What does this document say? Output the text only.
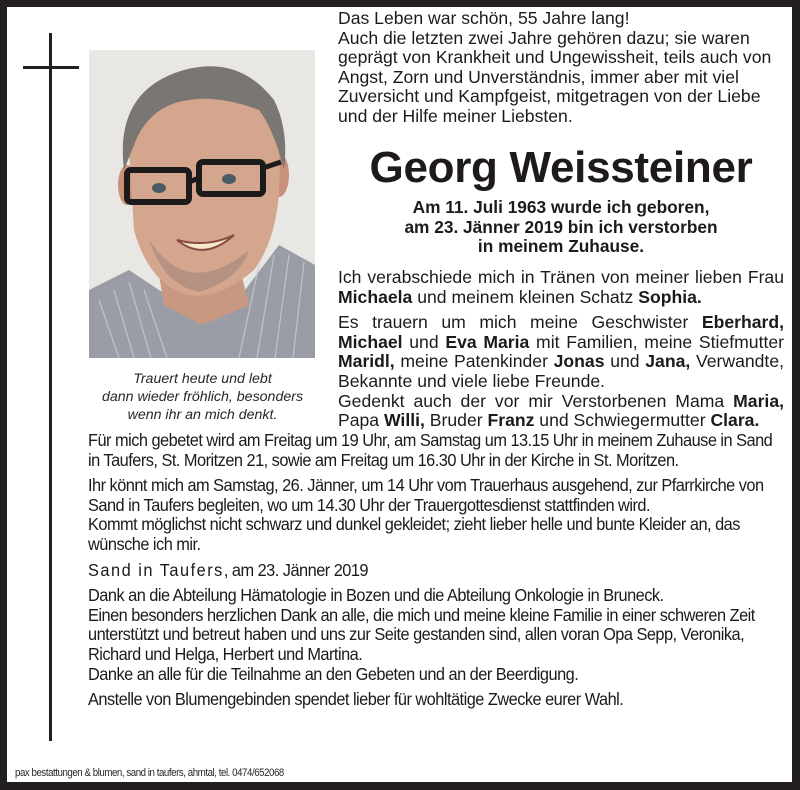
Trauert heute und lebt
dann wieder fröhlich, besonders
wenn ihr an mich denkt.

Das Leben war schön, 55 Jahre lang!

Auch die letzten zwei Jahre gehören dazu; sie waren geprägt von Krankheit und Ungewissheit, teils auch von Angst, Zorn und Unverständnis, immer aber mit viel Zuversicht und Kampfgeist, mitgetragen von der Liebe und der Hilfe meiner Liebsten.

Georg Weissteiner
Am 11. Juli 1963 wurde ich geboren,
am 23. Jänner 2019 bin ich verstorben
in meinem Zuhause.

Ich verabschiede mich in Tränen von meiner lieben Frau Michaela und meinem kleinen Schatz Sophia.

Es trauern um mich meine Geschwister Eberhard, Michael und Eva Maria mit Familien, meine Stiefmutter Maridl, meine Patenkinder Jonas und Jana, Verwandte, Bekannte und viele liebe Freunde.

Gedenkt auch der vor mir Verstorbenen Mama Maria, Papa Willi, Bruder Franz und Schwiegermutter Clara.

Für mich gebetet wird am Freitag um 19 Uhr, am Samstag um 13.15 Uhr in meinem Zuhause in Sand in Taufers, St. Moritzen 21, sowie am Freitag um 16.30 Uhr in der Kirche in St. Moritzen.

Ihr könnt mich am Samstag, 26. Jänner, um 14 Uhr vom Trauerhaus ausgehend, zur Pfarrkirche von Sand in Taufers begleiten, wo um 14.30 Uhr der Trauergottesdienst stattfinden wird.

Kommt möglichst nicht schwarz und dunkel gekleidet; zieht lieber helle und bunte Kleider an, das wünsche ich mir.

Sand in Taufers, am 23. Jänner 2019

Dank an die Abteilung Hämatologie in Bozen und die Abteilung Onkologie in Bruneck.

Einen besonders herzlichen Dank an alle, die mich und meine kleine Familie in einer schweren Zeit unterstützt und betreut haben und uns zur Seite gestanden sind, allen voran Opa Sepp, Veronika, Richard und Helga, Herbert und Martina.

Danke an alle für die Teilnahme an den Gebeten und an der Beerdigung.

Anstelle von Blumengebinden spendet lieber für wohltätige Zwecke eurer Wahl.

pax bestattungen & blumen, sand in taufers, ahrntal, tel. 0474/652068
